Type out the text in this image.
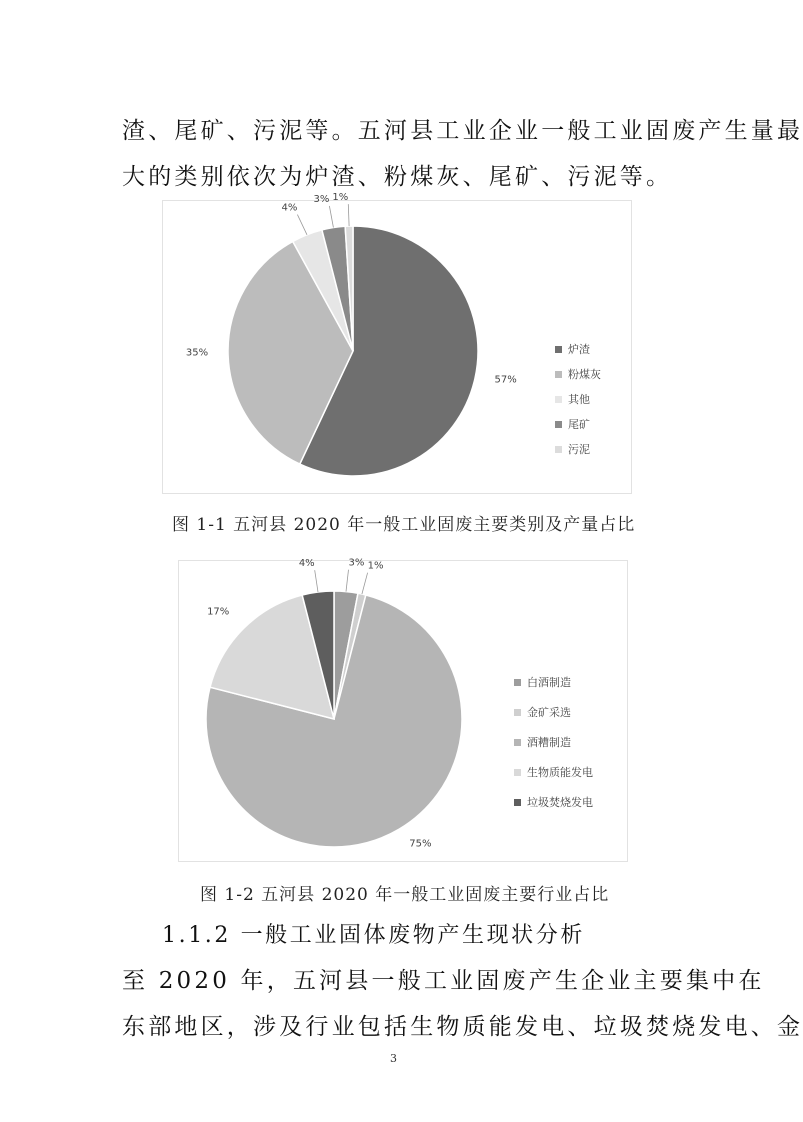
渣、尾矿、污泥等。五河县工业企业一般工业固废产生量最
大的类别依次为炉渣、粉煤灰、尾矿、污泥等。
57%
35%
4%
3% 1%
炉渣
粉煤灰
其他
尾矿
污泥
图 1-1 五河县 2020 年一般工业固废主要类别及产量占比
3% 1%
75%
17%
4%
白酒制造
金矿采选
酒糟制造
生物质能发电
垃圾焚烧发电
图 1-2 五河县 2020 年一般工业固废主要行业占比
1.1.2 一般工业固体废物产生现状分析
至 2020 年，五河县一般工业固废产生企业主要集中在
东部地区，涉及行业包括生物质能发电、垃圾焚烧发电、金
3
